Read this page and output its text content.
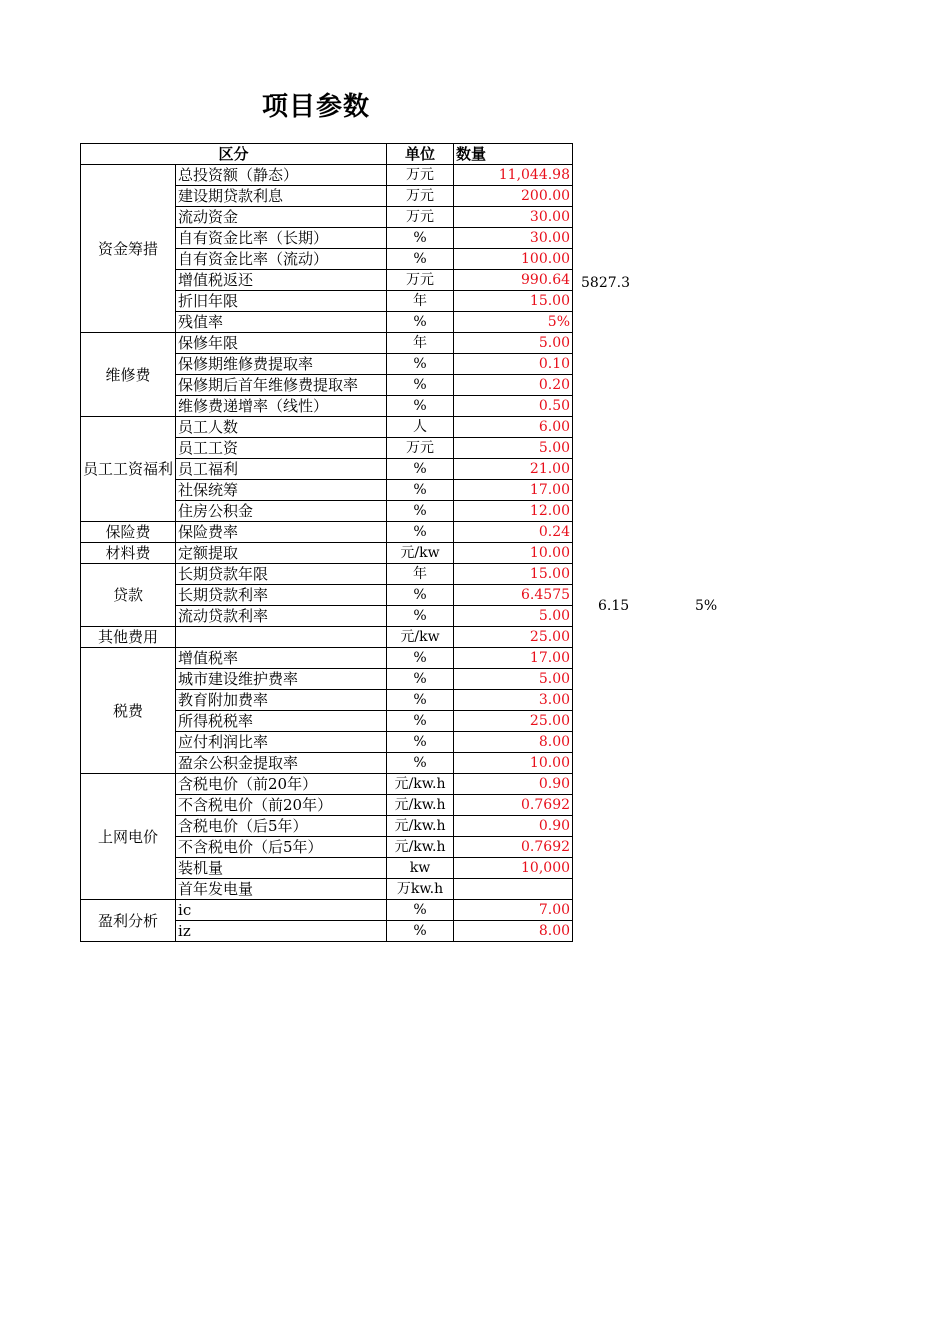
项目参数
区分		单位	数量
资金筹措	总投资额（静态）	万元	11,044.98
	建设期贷款利息	万元	200.00
	流动资金	万元	30.00
	自有资金比率（长期）	%	30.00
	自有资金比率（流动）	%	100.00
	增值税返还	万元	990.64
	折旧年限	年	15.00
	残值率	%	5%
维修费	保修年限	年	5.00
	保修期维修费提取率	%	0.10
	保修期后首年维修费提取率	%	0.20
	维修费递增率（线性）	%	0.50
员工工资福利	员工人数	人	6.00
	员工工资	万元	5.00
	员工福利	%	21.00
	社保统筹	%	17.00
	住房公积金	%	12.00
保险费	保险费率	%	0.24
材料费	定额提取	元/kw	10.00
贷款	长期贷款年限	年	15.00
	长期贷款利率	%	6.4575
	流动贷款利率	%	5.00
其他费用		元/kw	25.00
税费	增值税率	%	17.00
	城市建设维护费率	%	5.00
	教育附加费率	%	3.00
	所得税税率	%	25.00
	应付利润比率	%	8.00
	盈余公积金提取率	%	10.00
上网电价	含税电价（前20年）	元/kw.h	0.90
	不含税电价（前20年）	元/kw.h	0.7692
	含税电价（后5年）	元/kw.h	0.90
	不含税电价（后5年）	元/kw.h	0.7692
	装机量	kw	10,000
	首年发电量	万kw.h	
盈利分析	ic	%	7.00
	iz	%	8.00
5827.3
6.15	5%
